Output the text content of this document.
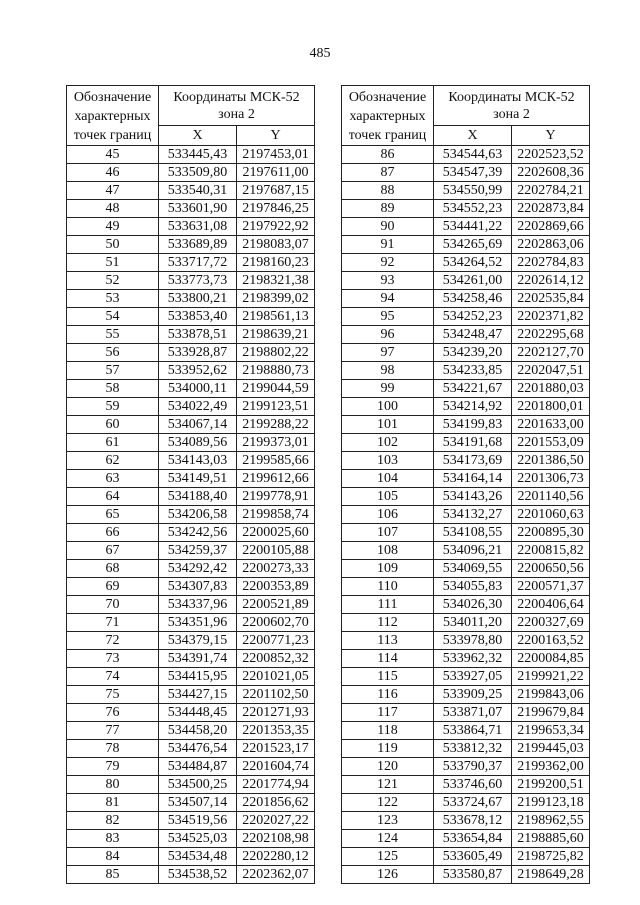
485
Обозначение
характерных
точек границ	Координаты МСК-52
зона 2	
	X	Y
45	533445,43	2197453,01
46	533509,80	2197611,00
47	533540,31	2197687,15
48	533601,90	2197846,25
49	533631,08	2197922,92
50	533689,89	2198083,07
51	533717,72	2198160,23
52	533773,73	2198321,38
53	533800,21	2198399,02
54	533853,40	2198561,13
55	533878,51	2198639,21
56	533928,87	2198802,22
57	533952,62	2198880,73
58	534000,11	2199044,59
59	534022,49	2199123,51
60	534067,14	2199288,22
61	534089,56	2199373,01
62	534143,03	2199585,66
63	534149,51	2199612,66
64	534188,40	2199778,91
65	534206,58	2199858,74
66	534242,56	2200025,60
67	534259,37	2200105,88
68	534292,42	2200273,33
69	534307,83	2200353,89
70	534337,96	2200521,89
71	534351,96	2200602,70
72	534379,15	2200771,23
73	534391,74	2200852,32
74	534415,95	2201021,05
75	534427,15	2201102,50
76	534448,45	2201271,93
77	534458,20	2201353,35
78	534476,54	2201523,17
79	534484,87	2201604,74
80	534500,25	2201774,94
81	534507,14	2201856,62
82	534519,56	2202027,22
83	534525,03	2202108,98
84	534534,48	2202280,12
85	534538,52	2202362,07
Обозначение
характерных
точек границ	Координаты МСК-52
зона 2	
	X	Y
86	534544,63	2202523,52
87	534547,39	2202608,36
88	534550,99	2202784,21
89	534552,23	2202873,84
90	534441,22	2202869,66
91	534265,69	2202863,06
92	534264,52	2202784,83
93	534261,00	2202614,12
94	534258,46	2202535,84
95	534252,23	2202371,82
96	534248,47	2202295,68
97	534239,20	2202127,70
98	534233,85	2202047,51
99	534221,67	2201880,03
100	534214,92	2201800,01
101	534199,83	2201633,00
102	534191,68	2201553,09
103	534173,69	2201386,50
104	534164,14	2201306,73
105	534143,26	2201140,56
106	534132,27	2201060,63
107	534108,55	2200895,30
108	534096,21	2200815,82
109	534069,55	2200650,56
110	534055,83	2200571,37
111	534026,30	2200406,64
112	534011,20	2200327,69
113	533978,80	2200163,52
114	533962,32	2200084,85
115	533927,05	2199921,22
116	533909,25	2199843,06
117	533871,07	2199679,84
118	533864,71	2199653,34
119	533812,32	2199445,03
120	533790,37	2199362,00
121	533746,60	2199200,51
122	533724,67	2199123,18
123	533678,12	2198962,55
124	533654,84	2198885,60
125	533605,49	2198725,82
126	533580,87	2198649,28
